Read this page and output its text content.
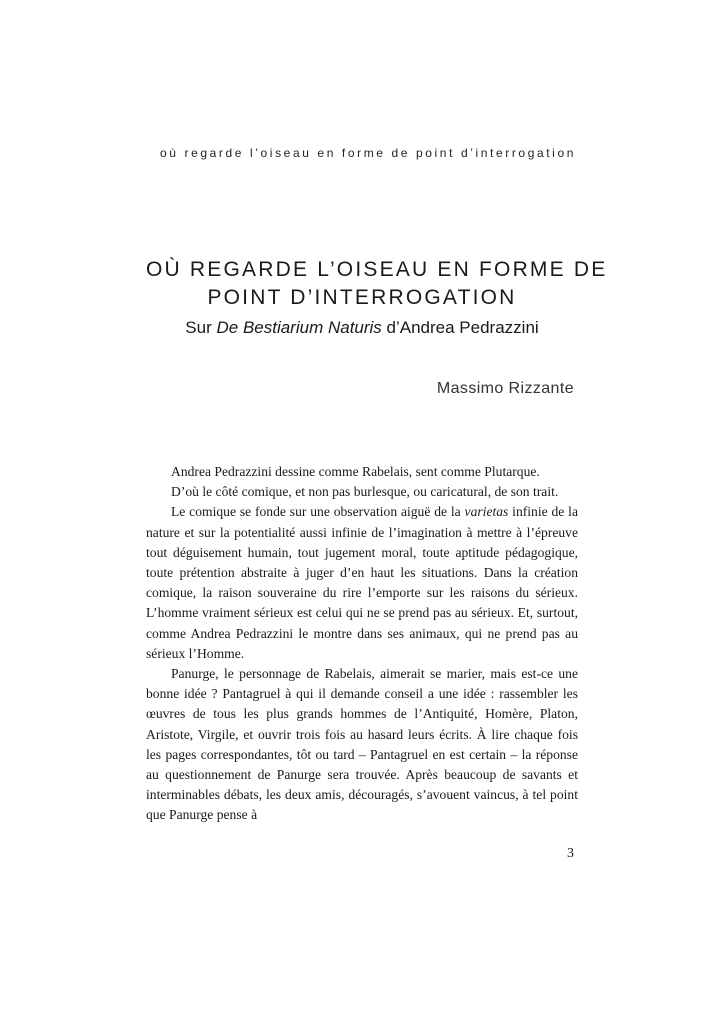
où regarde l’oiseau en forme de point d’interrogation
OÙ REGARDE L’OISEAU EN FORME DE
POINT D’INTERROGATION
Sur De Bestiarium Naturis d’Andrea Pedrazzini
Massimo Rizzante

Andrea Pedrazzini dessine comme Rabelais, sent comme Plutarque.

D’où le côté comique, et non pas burlesque, ou caricatural, de son trait.

Le comique se fonde sur une observation aiguë de la varietas infinie de la nature et sur la potentialité aussi infinie de l’imagination à mettre à l’épreuve tout déguisement humain, tout jugement moral, toute aptitude pédagogique, toute prétention abstraite à juger d’en haut les situations. Dans la création comique, la raison souveraine du rire l’emporte sur les raisons du sérieux. L’homme vraiment sérieux est celui qui ne se prend pas au sérieux. Et, surtout, comme Andrea Pedrazzini le montre dans ses animaux, qui ne prend pas au sérieux l’Homme.

Panurge, le personnage de Rabelais, aimerait se marier, mais est-ce une bonne idée ? Pantagruel à qui il demande conseil a une idée : rassembler les œuvres de tous les plus grands hommes de l’Antiquité, Homère, Platon, Aristote, Virgile, et ouvrir trois fois au hasard leurs écrits. À lire chaque fois les pages correspondantes, tôt ou tard – Pantagruel en est certain – la réponse au questionnement de Panurge sera trouvée. Après beaucoup de savants et interminables débats, les deux amis, découragés, s’avouent vaincus, à tel point que Panurge pense à

3
